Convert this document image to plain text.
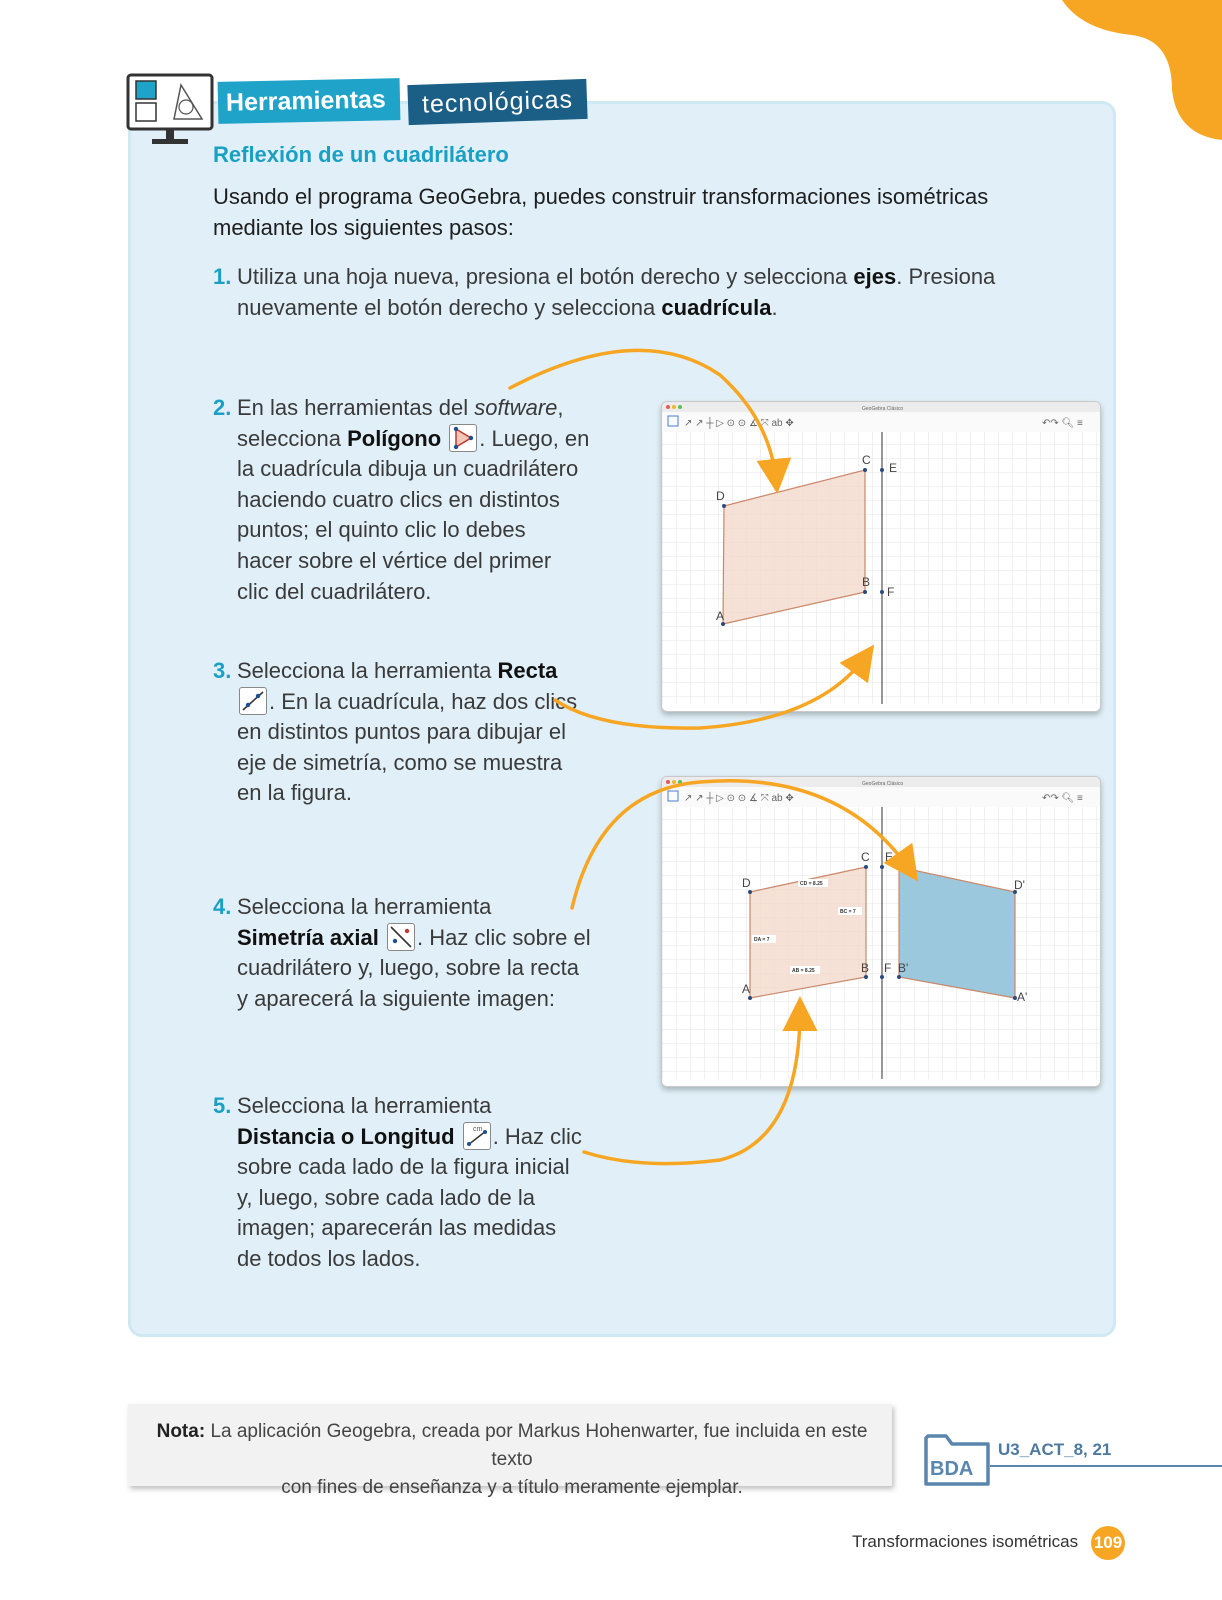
Herramientas	tecnológicas
Reflexión de un cuadrilátero
Usando el programa GeoGebra, puedes construir transformaciones isométricas mediante los siguientes pasos:
1. Utiliza una hoja nueva, presiona el botón derecho y selecciona ejes. Presiona nuevamente el botón derecho y selecciona cuadrícula.
2. En las herramientas del software,
selecciona Polígono . Luego, en
la cuadrícula dibuja un cuadrilátero
haciendo cuatro clics en distintos
puntos; el quinto clic lo debes
hacer sobre el vértice del primer
clic del cuadrilátero.
3. Selecciona la herramienta Recta
. En la cuadrícula, haz dos clics
en distintos puntos para dibujar el
eje de simetría, como se muestra
en la figura.
4. Selecciona la herramienta
Simetría axial . Haz clic sobre el
cuadrilátero y, luego, sobre la recta
y aparecerá la siguiente imagen:
5. Selecciona la herramienta
Distancia o Longitud	cm . Haz clic
sobre cada lado de la figura inicial
y, luego, sobre cada lado de la
imagen; aparecerán las medidas
de todos los lados.
GeoGebra Clásico
↗ ↗ ┼ ▷ ⊙ ⊙ ∡ ⤧ ab ✥	↶↷ 🔍︎ ≡
A
B
C
D
E
F
GeoGebra Clásico
↗ ↗ ┼ ▷ ⊙ ⊙ ∡ ⤧ ab ✥	↶↷ 🔍︎ ≡
A
B
C
D
E
F
A'
B'
C'
D'
CD = 8.25
BC = 7
DA = 7
AB = 8.25
Nota: La aplicación Geogebra, creada por Markus Hohenwarter, fue incluida en este texto
con fines de enseñanza y a título meramente ejemplar.
BDA
U3_ACT_8, 21
Transformaciones isométricas 109
